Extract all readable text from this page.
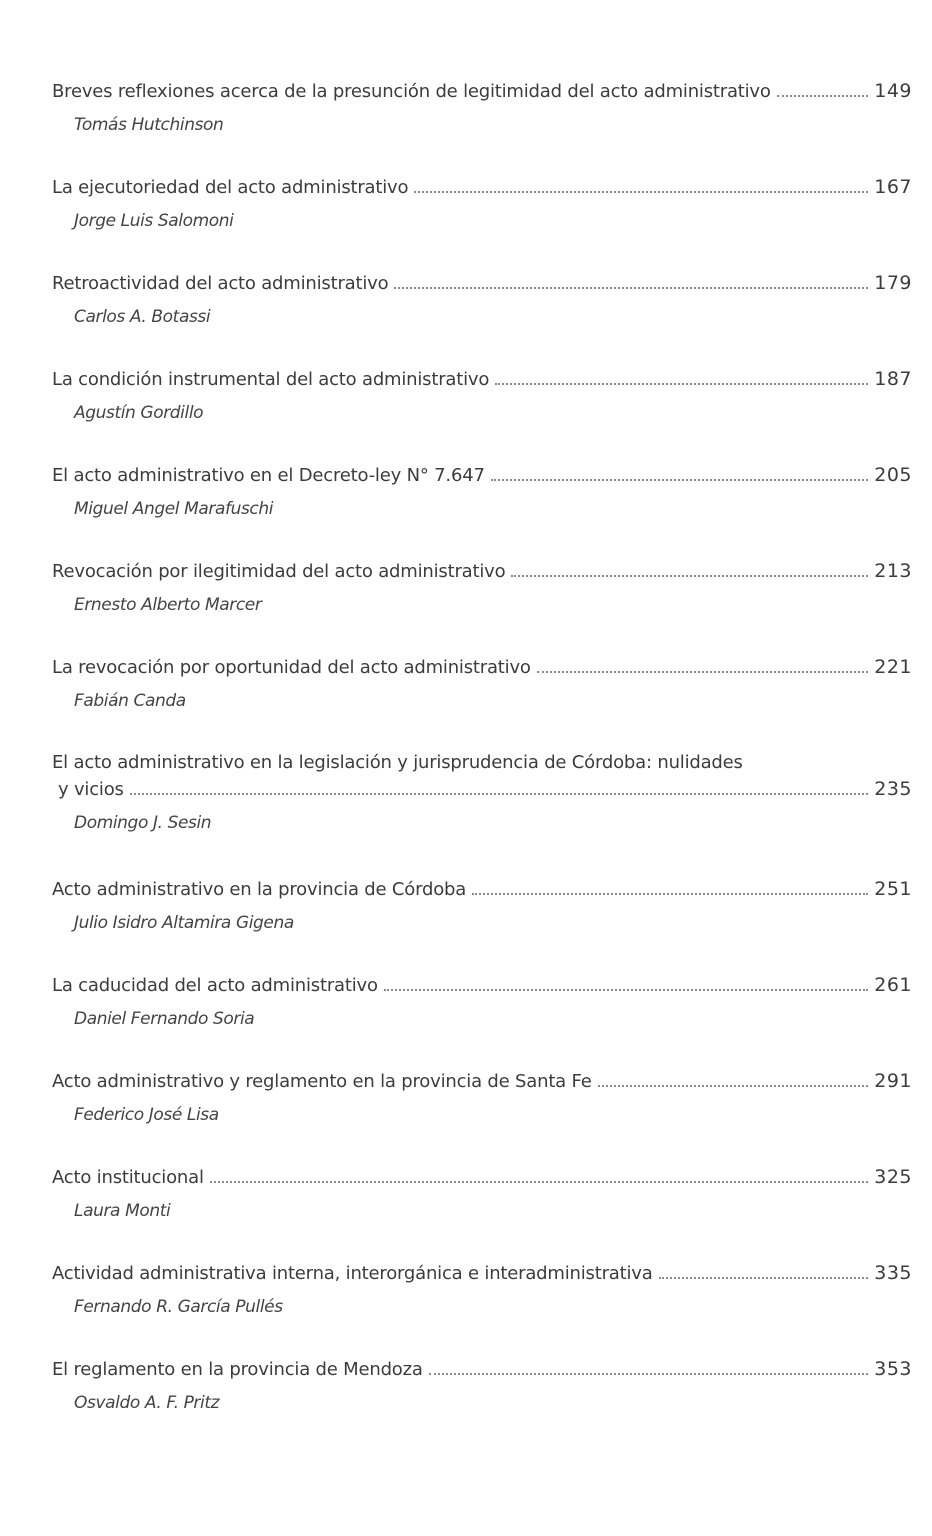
Breves reflexiones acerca de la presunción de legitimidad del acto administrativo	149
Tomás Hutchinson
La ejecutoriedad del acto administrativo	167
Jorge Luis Salomoni
Retroactividad del acto administrativo	179
Carlos A. Botassi
La condición instrumental del acto administrativo	187
Agustín Gordillo
El acto administrativo en el Decreto-ley N° 7.647	205
Miguel Angel Marafuschi
Revocación por ilegitimidad del acto administrativo	213
Ernesto Alberto Marcer
La revocación por oportunidad del acto administrativo	221
Fabián Canda
El acto administrativo en la legislación y jurisprudencia de Córdoba: nulidades
y vicios	235
Domingo J. Sesin
Acto administrativo en la provincia de Córdoba	251
Julio Isidro Altamira Gigena
La caducidad del acto administrativo	261
Daniel Fernando Soria
Acto administrativo y reglamento en la provincia de Santa Fe	291
Federico José Lisa
Acto institucional	325
Laura Monti
Actividad administrativa interna, interorgánica e interadministrativa	335
Fernando R. García Pullés
El reglamento en la provincia de Mendoza	353
Osvaldo A. F. Pritz
